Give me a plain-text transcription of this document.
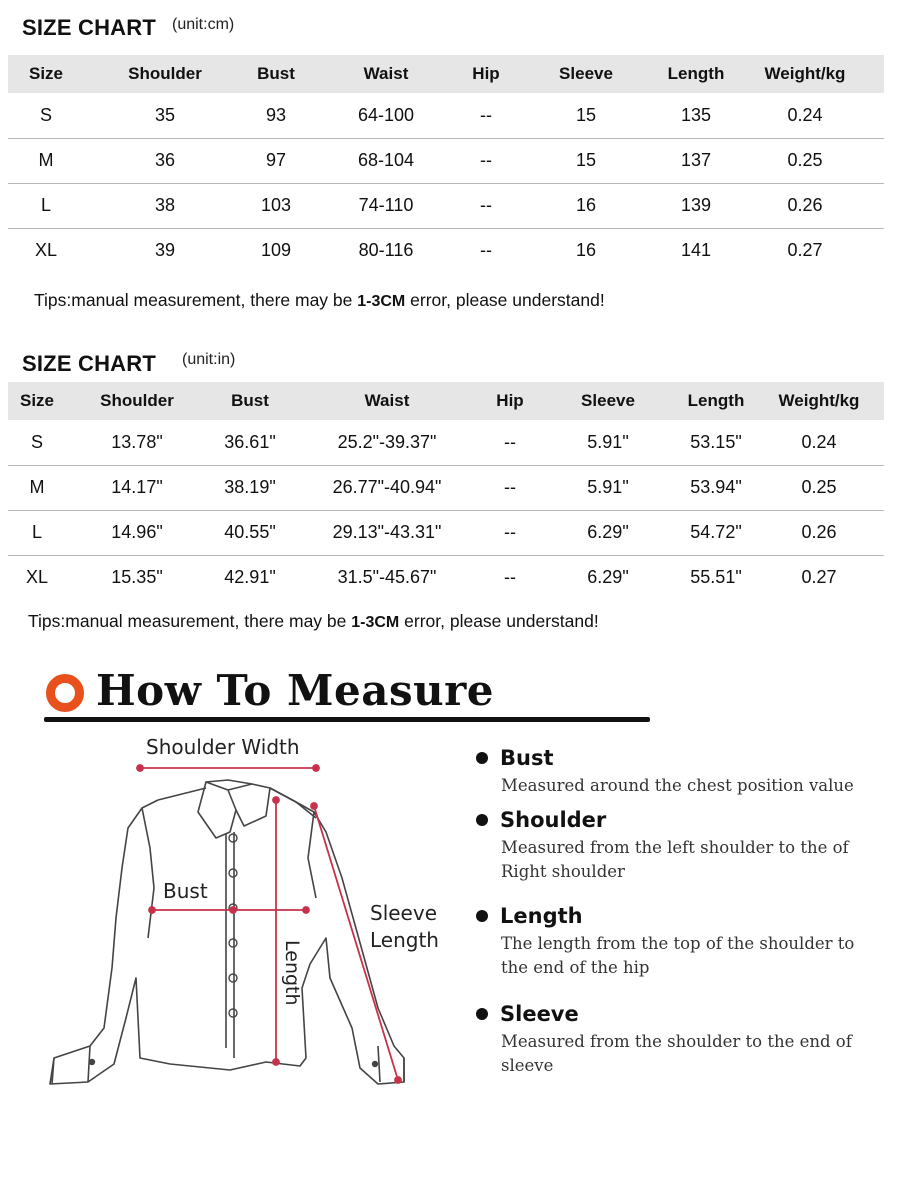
SIZE CHART (unit:cm)
Size	Shoulder	Bust	Waist	Hip	Sleeve	Length	Weight/kg
S	35	93	64-100	--	15	135	0.24
M	36	97	68-104	--	15	137	0.25
L	38	103	74-110	--	16	139	0.26
XL	39	109	80-116	--	16	141	0.27
Tips:manual measurement, there may be 1-3CM error, please understand!
SIZE CHART (unit:in)
Size	Shoulder	Bust	Waist	Hip	Sleeve	Length	Weight/kg
S	13.78"	36.61"	25.2"-39.37"	--	5.91"	53.15"	0.24
M	14.17"	38.19"	26.77"-40.94"	--	5.91"	53.94"	0.25
L	14.96"	40.55"	29.13"-43.31"	--	6.29"	54.72"	0.26
XL	15.35"	42.91"	31.5"-45.67"	--	6.29"	55.51"	0.27
Tips:manual measurement, there may be 1-3CM error, please understand!
How To Measure
Shoulder Width
Bust
Length
Sleeve
Length
Bust
Measured around the chest position value
Shoulder
Measured from the left shoulder to the of Right shoulder
Length
The length from the top of the shoulder to the end of the hip
Sleeve
Measured from the shoulder to the end of sleeve
